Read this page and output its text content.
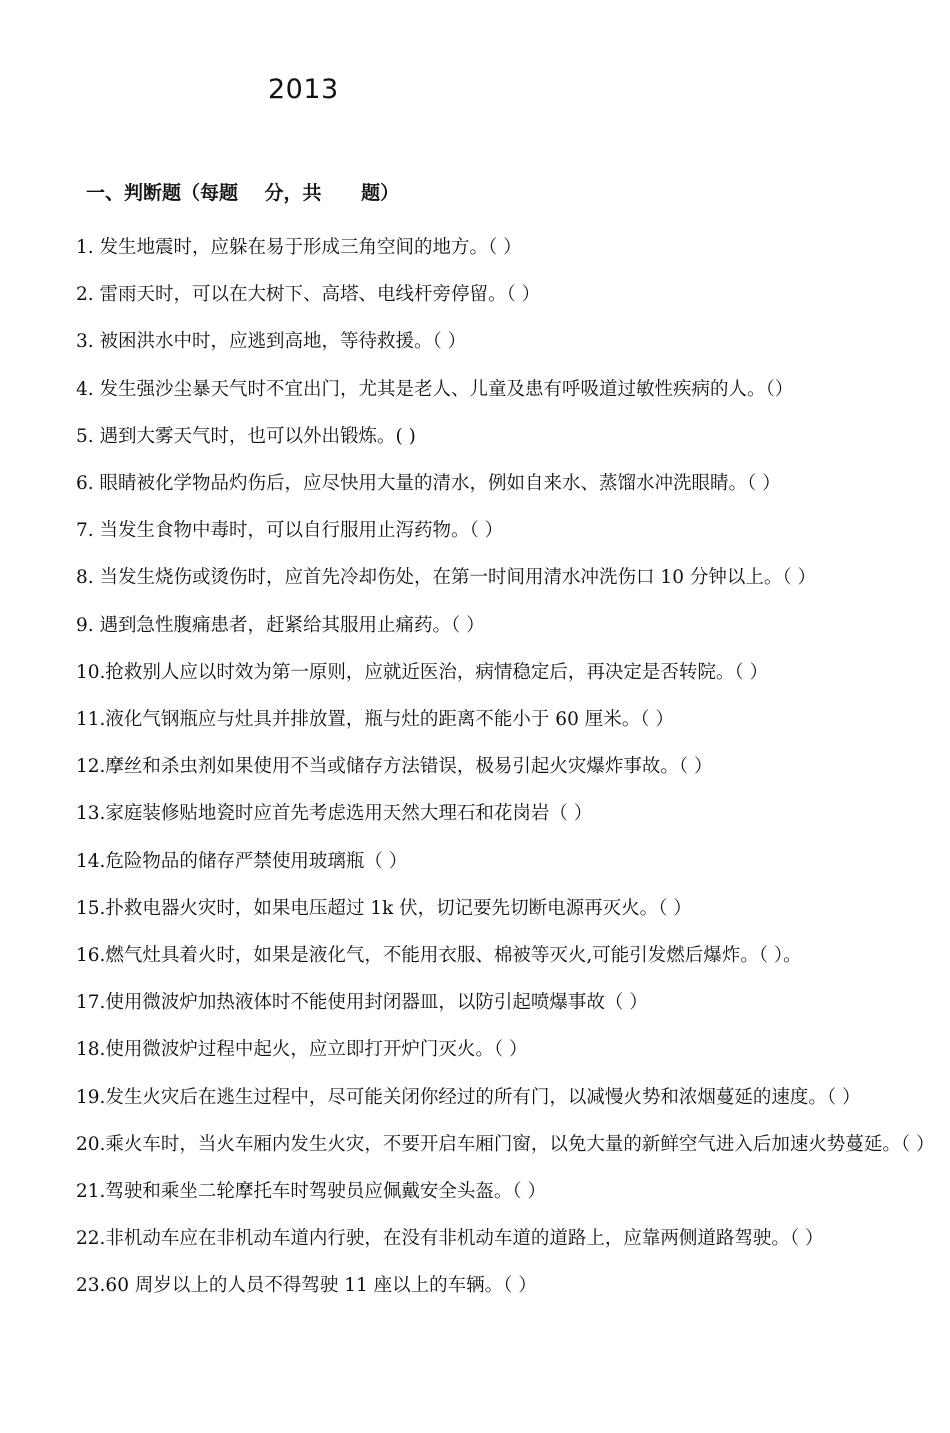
2013
一、判断题（每题    分，共      题）
1. 发生地震时，应躲在易于形成三角空间的地方。（ ）
2. 雷雨天时，可以在大树下、高塔、电线杆旁停留。（ ）
3. 被困洪水中时，应逃到高地，等待救援。（ ）
4. 发生强沙尘暴天气时不宜出门，尤其是老人、儿童及患有呼吸道过敏性疾病的人。（）
5. 遇到大雾天气时，也可以外出锻炼。( )
6. 眼睛被化学物品灼伤后，应尽快用大量的清水，例如自来水、蒸馏水冲洗眼睛。（ ）
7. 当发生食物中毒时，可以自行服用止泻药物。（ ）
8. 当发生烧伤或烫伤时，应首先冷却伤处，在第一时间用清水冲洗伤口 10 分钟以上。（ ）
9. 遇到急性腹痛患者，赶紧给其服用止痛药。（ ）
10.抢救别人应以时效为第一原则，应就近医治，病情稳定后，再决定是否转院。（ ）
11.液化气钢瓶应与灶具并排放置，瓶与灶的距离不能小于 60 厘米。（ ）
12.摩丝和杀虫剂如果使用不当或储存方法错误，极易引起火灾爆炸事故。（ ）
13.家庭装修贴地瓷时应首先考虑选用天然大理石和花岗岩（ ）
14.危险物品的储存严禁使用玻璃瓶（ ）
15.扑救电器火灾时，如果电压超过 1k 伏，切记要先切断电源再灭火。（ ）
16.燃气灶具着火时，如果是液化气，不能用衣服、棉被等灭火,可能引发燃后爆炸。（ ）。
17.使用微波炉加热液体时不能使用封闭器皿，以防引起喷爆事故（ ）
18.使用微波炉过程中起火，应立即打开炉门灭火。（ ）
19.发生火灾后在逃生过程中，尽可能关闭你经过的所有门，以减慢火势和浓烟蔓延的速度。（ ）
20.乘火车时，当火车厢内发生火灾，不要开启车厢门窗，以免大量的新鲜空气进入后加速火势蔓延。（ ）
21.驾驶和乘坐二轮摩托车时驾驶员应佩戴安全头盔。（ ）
22.非机动车应在非机动车道内行驶，在没有非机动车道的道路上，应靠两侧道路驾驶。（ ）
23.60 周岁以上的人员不得驾驶 11 座以上的车辆。（ ）
